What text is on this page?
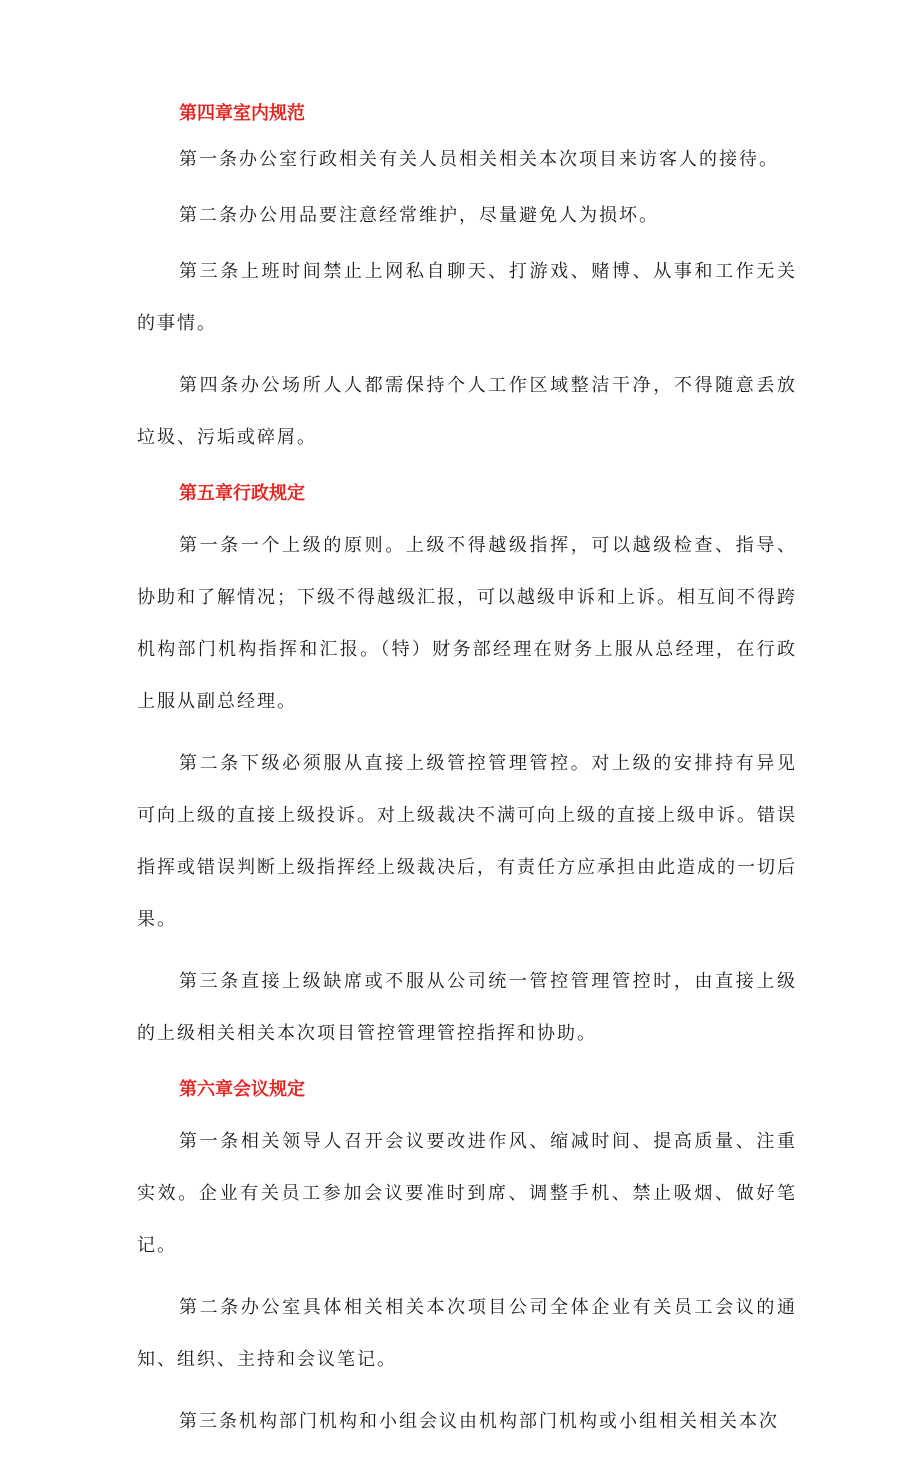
第四章室内规范

第一条办公室行政相关有关人员相关相关本次项目来访客人的接待。

第二条办公用品要注意经常维护，尽量避免人为损坏。

第三条上班时间禁止上网私自聊天、打游戏、赌博、从事和工作无关的事情。

第四条办公场所人人都需保持个人工作区域整洁干净，不得随意丢放垃圾、污垢或碎屑。

第五章行政规定

第一条一个上级的原则。上级不得越级指挥，可以越级检查、指导、协助和了解情况；下级不得越级汇报，可以越级申诉和上诉。相互间不得跨机构部门机构指挥和汇报。（特）财务部经理在财务上服从总经理，在行政上服从副总经理。

第二条下级必须服从直接上级管控管理管控。对上级的安排持有异见可向上级的直接上级投诉。对上级裁决不满可向上级的直接上级申诉。错误指挥或错误判断上级指挥经上级裁决后，有责任方应承担由此造成的一切后果。

第三条直接上级缺席或不服从公司统一管控管理管控时，由直接上级的上级相关相关本次项目管控管理管控指挥和协助。

第六章会议规定

第一条相关领导人召开会议要改进作风、缩减时间、提高质量、注重实效。企业有关员工参加会议要准时到席、调整手机、禁止吸烟、做好笔记。

第二条办公室具体相关相关本次项目公司全体企业有关员工会议的通知、组织、主持和会议笔记。

第三条机构部门机构和小组会议由机构部门机构或小组相关相关本次
